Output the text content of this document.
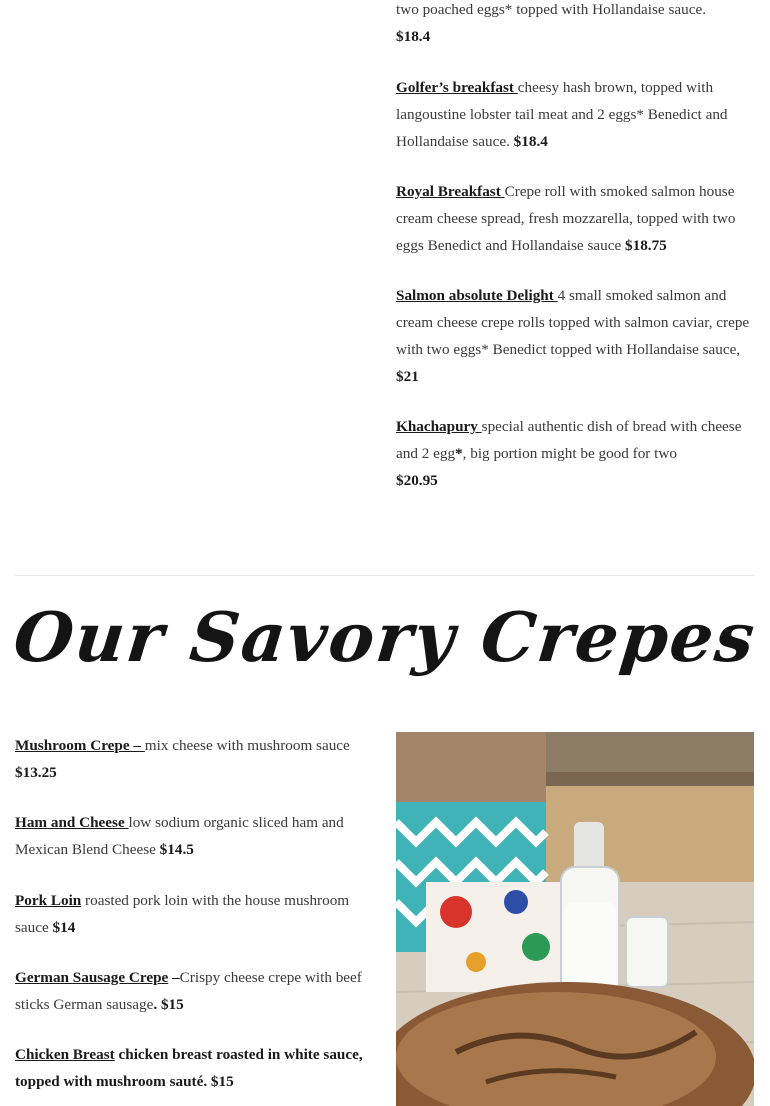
two poached eggs* topped with Hollandaise sauce.
$18.4

Golfer’s breakfast cheesy hash brown, topped with langoustine lobster tail meat and 2 eggs* Benedict and Hollandaise sauce. $18.4

Royal Breakfast Crepe roll with smoked salmon house cream cheese spread, fresh mozzarella, topped with two eggs Benedict and Hollandaise sauce $18.75

Salmon absolute Delight 4 small smoked salmon and cream cheese crepe rolls topped with salmon caviar, crepe with two eggs* Benedict topped with Hollandaise sauce, $21

Khachapury special authentic dish of bread with cheese and 2 egg*, big portion might be good for two
$20.95

Our Savory Crepes

Mushroom Crepe – mix cheese with mushroom sauce $13.25

Ham and Cheese low sodium organic sliced ham and Mexican Blend Cheese $14.5

Pork Loin roasted pork loin with the house mushroom sauce $14

German Sausage Crepe –Crispy cheese crepe with beef sticks German sausage. $15

Chicken Breast chicken breast roasted in white sauce, topped with mushroom sauté. $15
